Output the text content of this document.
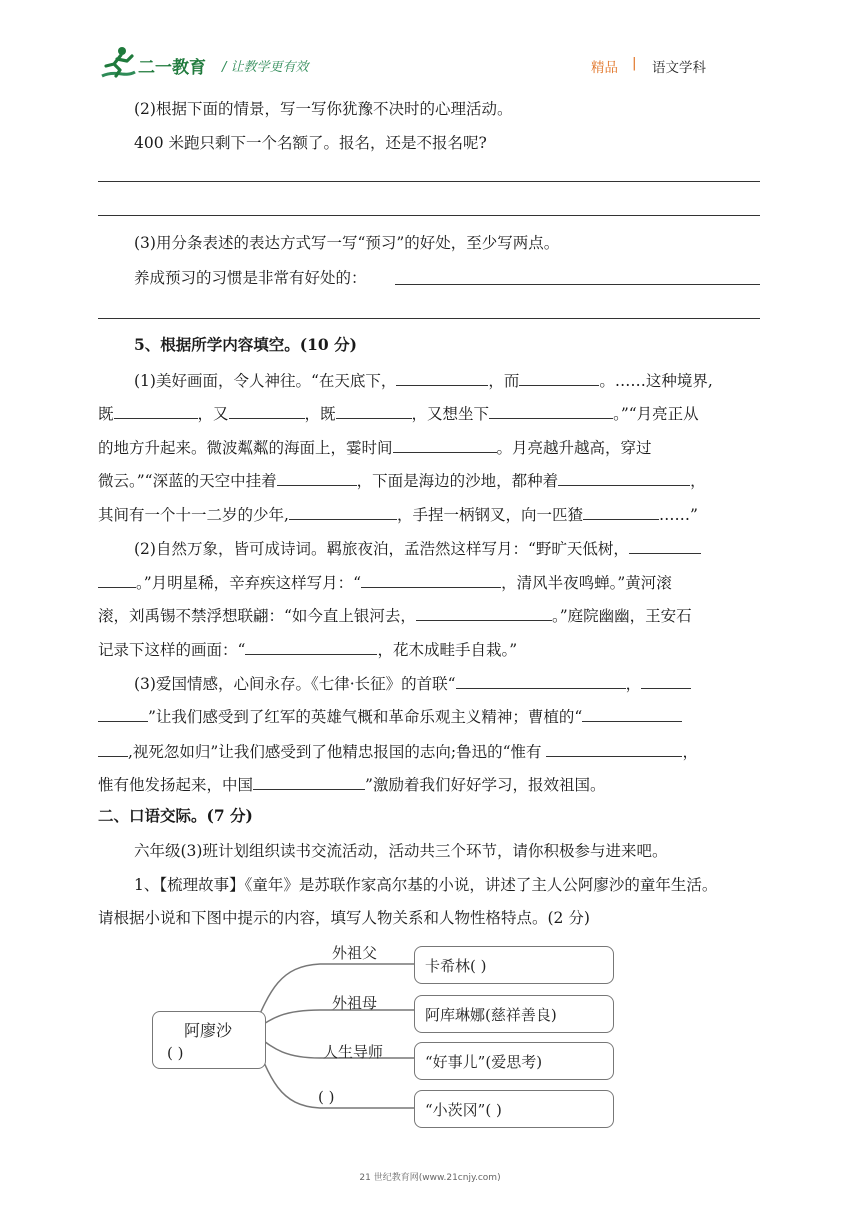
二一教育 / 让教学更有效	精品 | 语文学科
(2)根据下面的情景，写一写你犹豫不决时的心理活动。
400 米跑只剩下一个名额了。报名，还是不报名呢?
(3)用分条表述的表达方式写一写“预习”的好处，至少写两点。
养成预习的习惯是非常有好处的：
5、根据所学内容填空。(10 分)
(1)美好画面，令人神往。“在天底下，	，而	。……这种境界,
既	，又	，既	，又想坐下	。”“月亮正从
的地方升起来。微波粼粼的海面上，霎时间	。月亮越升越高，穿过
微云。”“深蓝的天空中挂着	，下面是海边的沙地，都种着	，
其间有一个十一二岁的少年,	，手捏一柄钢叉，向一匹猹	……”
(2)自然万象，皆可成诗词。羁旅夜泊，孟浩然这样写月：“野旷天低树，
。”月明星稀，辛弃疾这样写月：“	，清风半夜鸣蝉。”黄河滚
滚，刘禹锡不禁浮想联翩：“如今直上银河去，	。”庭院幽幽，王安石
记录下这样的画面：“	，花木成畦手自栽。”
(3)爱国情感，心间永存。《七律·长征》的首联“	，
”让我们感受到了红军的英雄气概和革命乐观主义精神；曹植的“
,视死忽如归”让我们感受到了他精忠报国的志向;鲁迅的“惟有	，
惟有他发扬起来，中国	”激励着我们好好学习，报效祖国。
二、口语交际。(7 分)
六年级(3)班计划组织读书交流活动，活动共三个环节，请你积极参与进来吧。
1、【梳理故事】《童年》是苏联作家高尔基的小说，讲述了主人公阿廖沙的童年生活。
请根据小说和下图中提示的内容，填写人物关系和人物性格特点。(2 分)
阿廖沙
( )
外祖父
外祖母
人生导师
( )
卡希林( )
阿库琳娜(慈祥善良)
“好事儿”(爱思考)
“小茨冈”( )
21 世纪教育网(www.21cnjy.com)
